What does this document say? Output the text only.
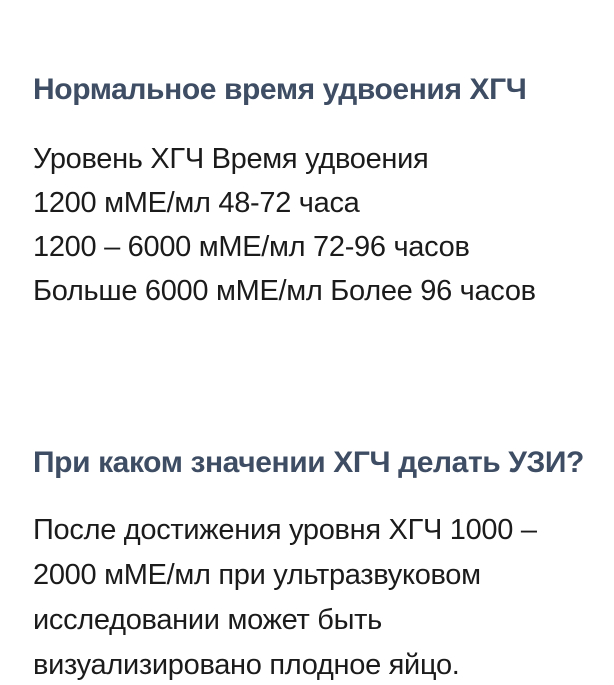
Нормальное время удвоения ХГЧ
Уровень ХГЧ Время удвоения
1200 мМЕ/мл 48-72 часа
1200 – 6000 мМЕ/мл 72-96 часов
Больше 6000 мМЕ/мл Более 96 часов
При каком значении ХГЧ делать УЗИ?
После достижения уровня ХГЧ 1000 –
2000 мМЕ/мл при ультразвуковом
исследовании может быть
визуализировано плодное яйцо.
